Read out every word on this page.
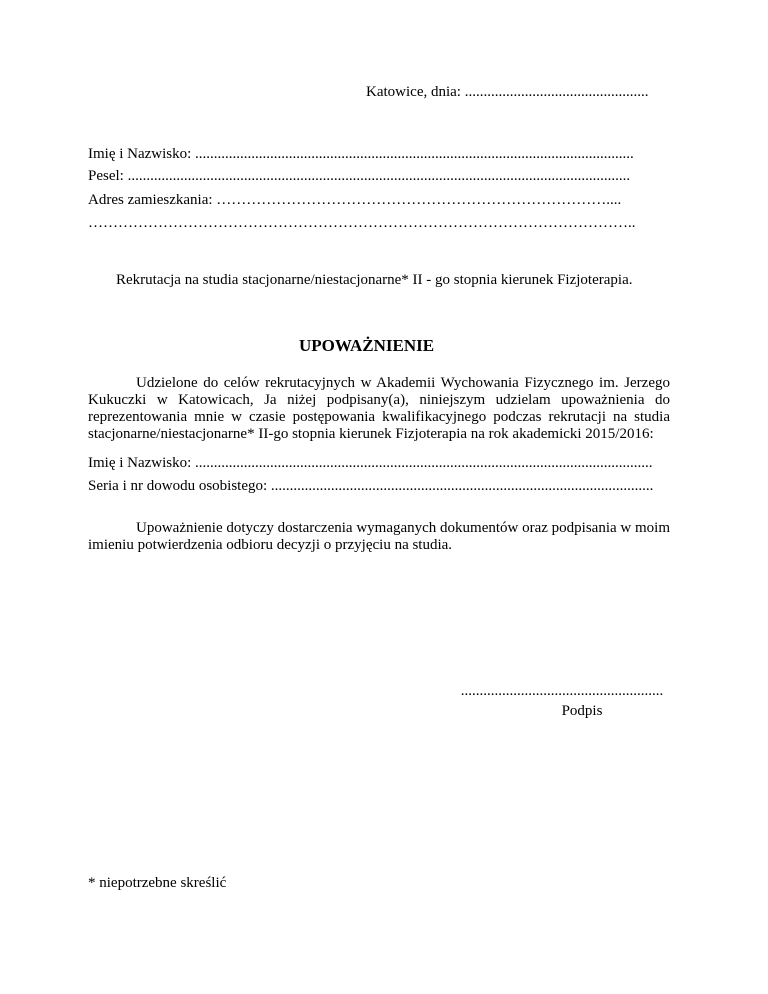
Katowice, dnia: .................................................
Imię i Nazwisko: .....................................................................................................................
Pesel: ......................................................................................................................................
Adres zamieszkania: ……………………………………………………………………....
………………………………………………………………………………………………..
Rekrutacja na studia stacjonarne/niestacjonarne* II - go stopnia kierunek Fizjoterapia.
UPOWAŻNIENIE
Udzielone do celów rekrutacyjnych w Akademii Wychowania Fizycznego im. Jerzego Kukuczki w Katowicach, Ja niżej podpisany(a), niniejszym udzielam upoważnienia do reprezentowania mnie w czasie postępowania kwalifikacyjnego podczas rekrutacji na studia stacjonarne/niestacjonarne* II-go stopnia kierunek Fizjoterapia na rok akademicki 2015/2016:
Imię i Nazwisko: ..........................................................................................................................
Seria i nr dowodu osobistego: ......................................................................................................
Upoważnienie dotyczy dostarczenia wymaganych dokumentów oraz podpisania w moim imieniu potwierdzenia odbioru decyzji o przyjęciu na studia.
......................................................
Podpis
* niepotrzebne skreślić
